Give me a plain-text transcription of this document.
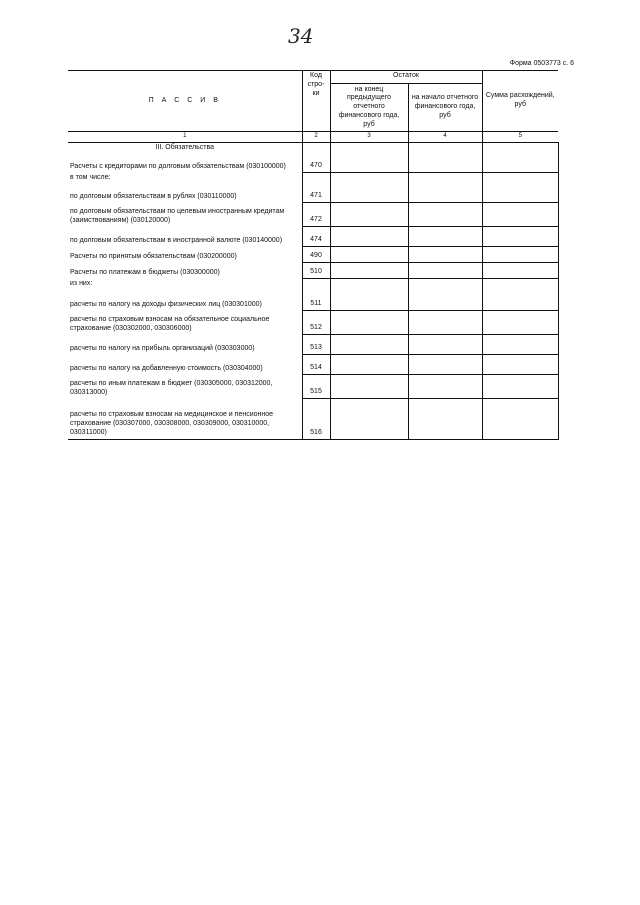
34
Форма 0503773 с. 6
П А С С И В	Код стро- ки	Остаток		Сумма расхождений, руб
		на конец предыдущего отчетного финансового года, руб	на начало отчетного финансового года, руб	
1	2	3	4	5
III. Обязательства				
Расчеты с кредиторами по долговым обязательствам (030100000)	470			
в том числе:				
по долговым обязательствам в рублях (030110000)	471			
по долговым обязательствам по целевым иностранным кредитам (заимствованиям) (030120000)	472			
по долговым обязательствам в иностранной валюте (030140000)	474			
Расчеты по принятым обязательствам (030200000)	490			
Расчеты по платежам в бюджеты (030300000)	510			
из них:				
расчеты по налогу на доходы физических лиц (030301000)	511			
расчеты по страховым взносам на обязательное социальное страхование (030302000, 030306000)	512			
расчеты по налогу на прибыль организаций (030303000)	513			
расчеты по налогу на добавленную стоимость (030304000)	514			
расчеты по иным платежам в бюджет (030305000, 030312000, 030313000)	515			
расчеты по страховым взносам на медицинское и пенсионное страхование (030307000, 030308000, 030309000, 030310000, 030311000)	516			
